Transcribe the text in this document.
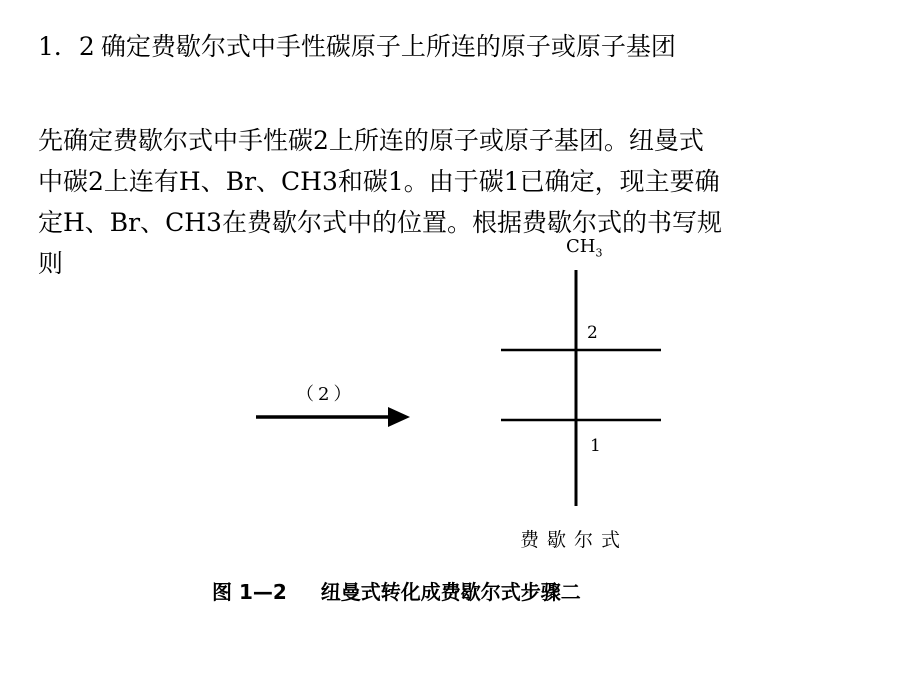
1．2 确定费歇尔式中手性碳原子上所连的原子或原子基团
先确定费歇尔式中手性碳2上所连的原子或原子基团。纽曼式
中碳2上连有H、Br、CH3和碳1。由于碳1已确定，现主要确
定H、Br、CH3在费歇尔式中的位置。根据费歇尔式的书写规
则
$CH_3$
（2）
2
1
费歇尔式
图 1—2 纽曼式转化成费歇尔式步骤二
